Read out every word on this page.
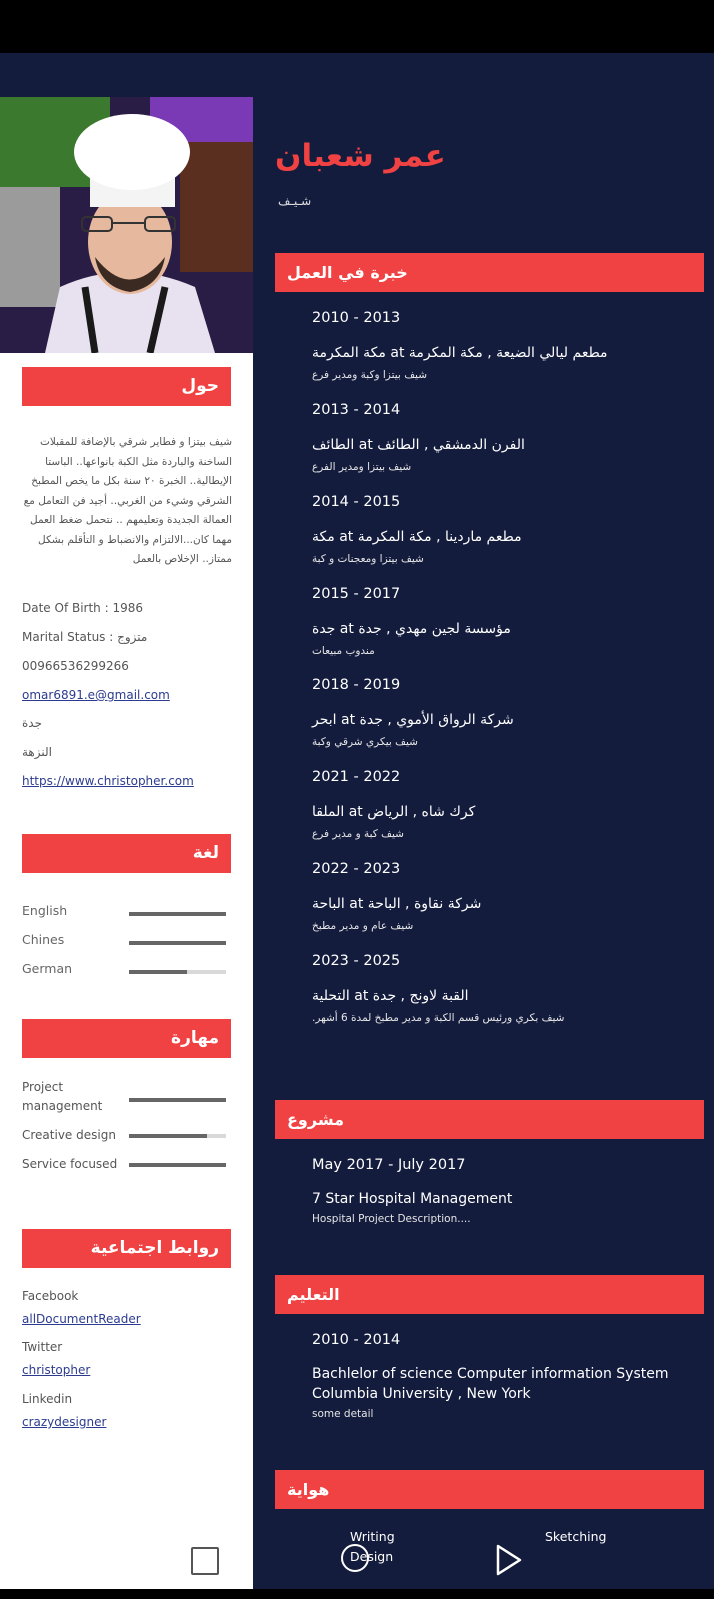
حول
شيف بيتزا و فطاير شرقي بالإضافة للمقبلات الساخنة والباردة مثل الكبة بانواعها.. الباستا الإيطالية.. الخبرة ٢٠ سنة بكل ما يخص المطبخ الشرقي وشيء من الغربي.. أجيد فن التعامل مع العمالة الجديدة وتعليمهم .. نتحمل ضغط العمل مهما كان...الالتزام والانضباط و التأقلم بشكل ممتاز.. الإخلاص بالعمل
Date Of Birth : 1986
Marital Status : متزوج
00966536299266
omar6891.e@gmail.com
جدة
النزهة
https://www.christopher.com
لغة
English
Chines
German
مهارة
Project management
Creative design
Service focused
روابط اجتماعية
Facebook
allDocumentReader
Twitter
christopher
Linkedin
crazydesigner
عمر شعبان
شـيـف
خبرة في العمل
2010 - 2013
مطعم ليالي الضيعة , مكة المكرمة at مكة المكرمة
شيف بيتزا وكبة ومدير فرع
2013 - 2014
الفرن الدمشقي , الطائف at الطائف
شيف بيتزا ومدير الفرع
2014 - 2015
مطعم ماردينا , مكة المكرمة at مكة
شيف بيتزا ومعجنات و كبة
2015 - 2017
مؤسسة لجين مهدي , جدة at جدة
مندوب مبيعات
2018 - 2019
شركة الرواق الأموي , جدة at ابحر
شيف بيكري شرقي وكبة
2021 - 2022
كرك شاه , الرياض at الملقا
شيف كبة و مدير فرع
2022 - 2023
شركة نقاوة , الباحة at الباحة
شيف عام و مدير مطبخ
2023 - 2025
القبة لاونج , جدة at التحلية
شيف بكري ورئيس قسم الكبة و مدير مطبخ لمدة 6 أشهر.
مشروع
May 2017 - July 2017
7 Star Hospital Management
Hospital Project Description....
التعليم
2010 - 2014
Bachlelor of science Computer information System
Columbia University , New York
some detail
هواية
Writing
Design
Sketching
